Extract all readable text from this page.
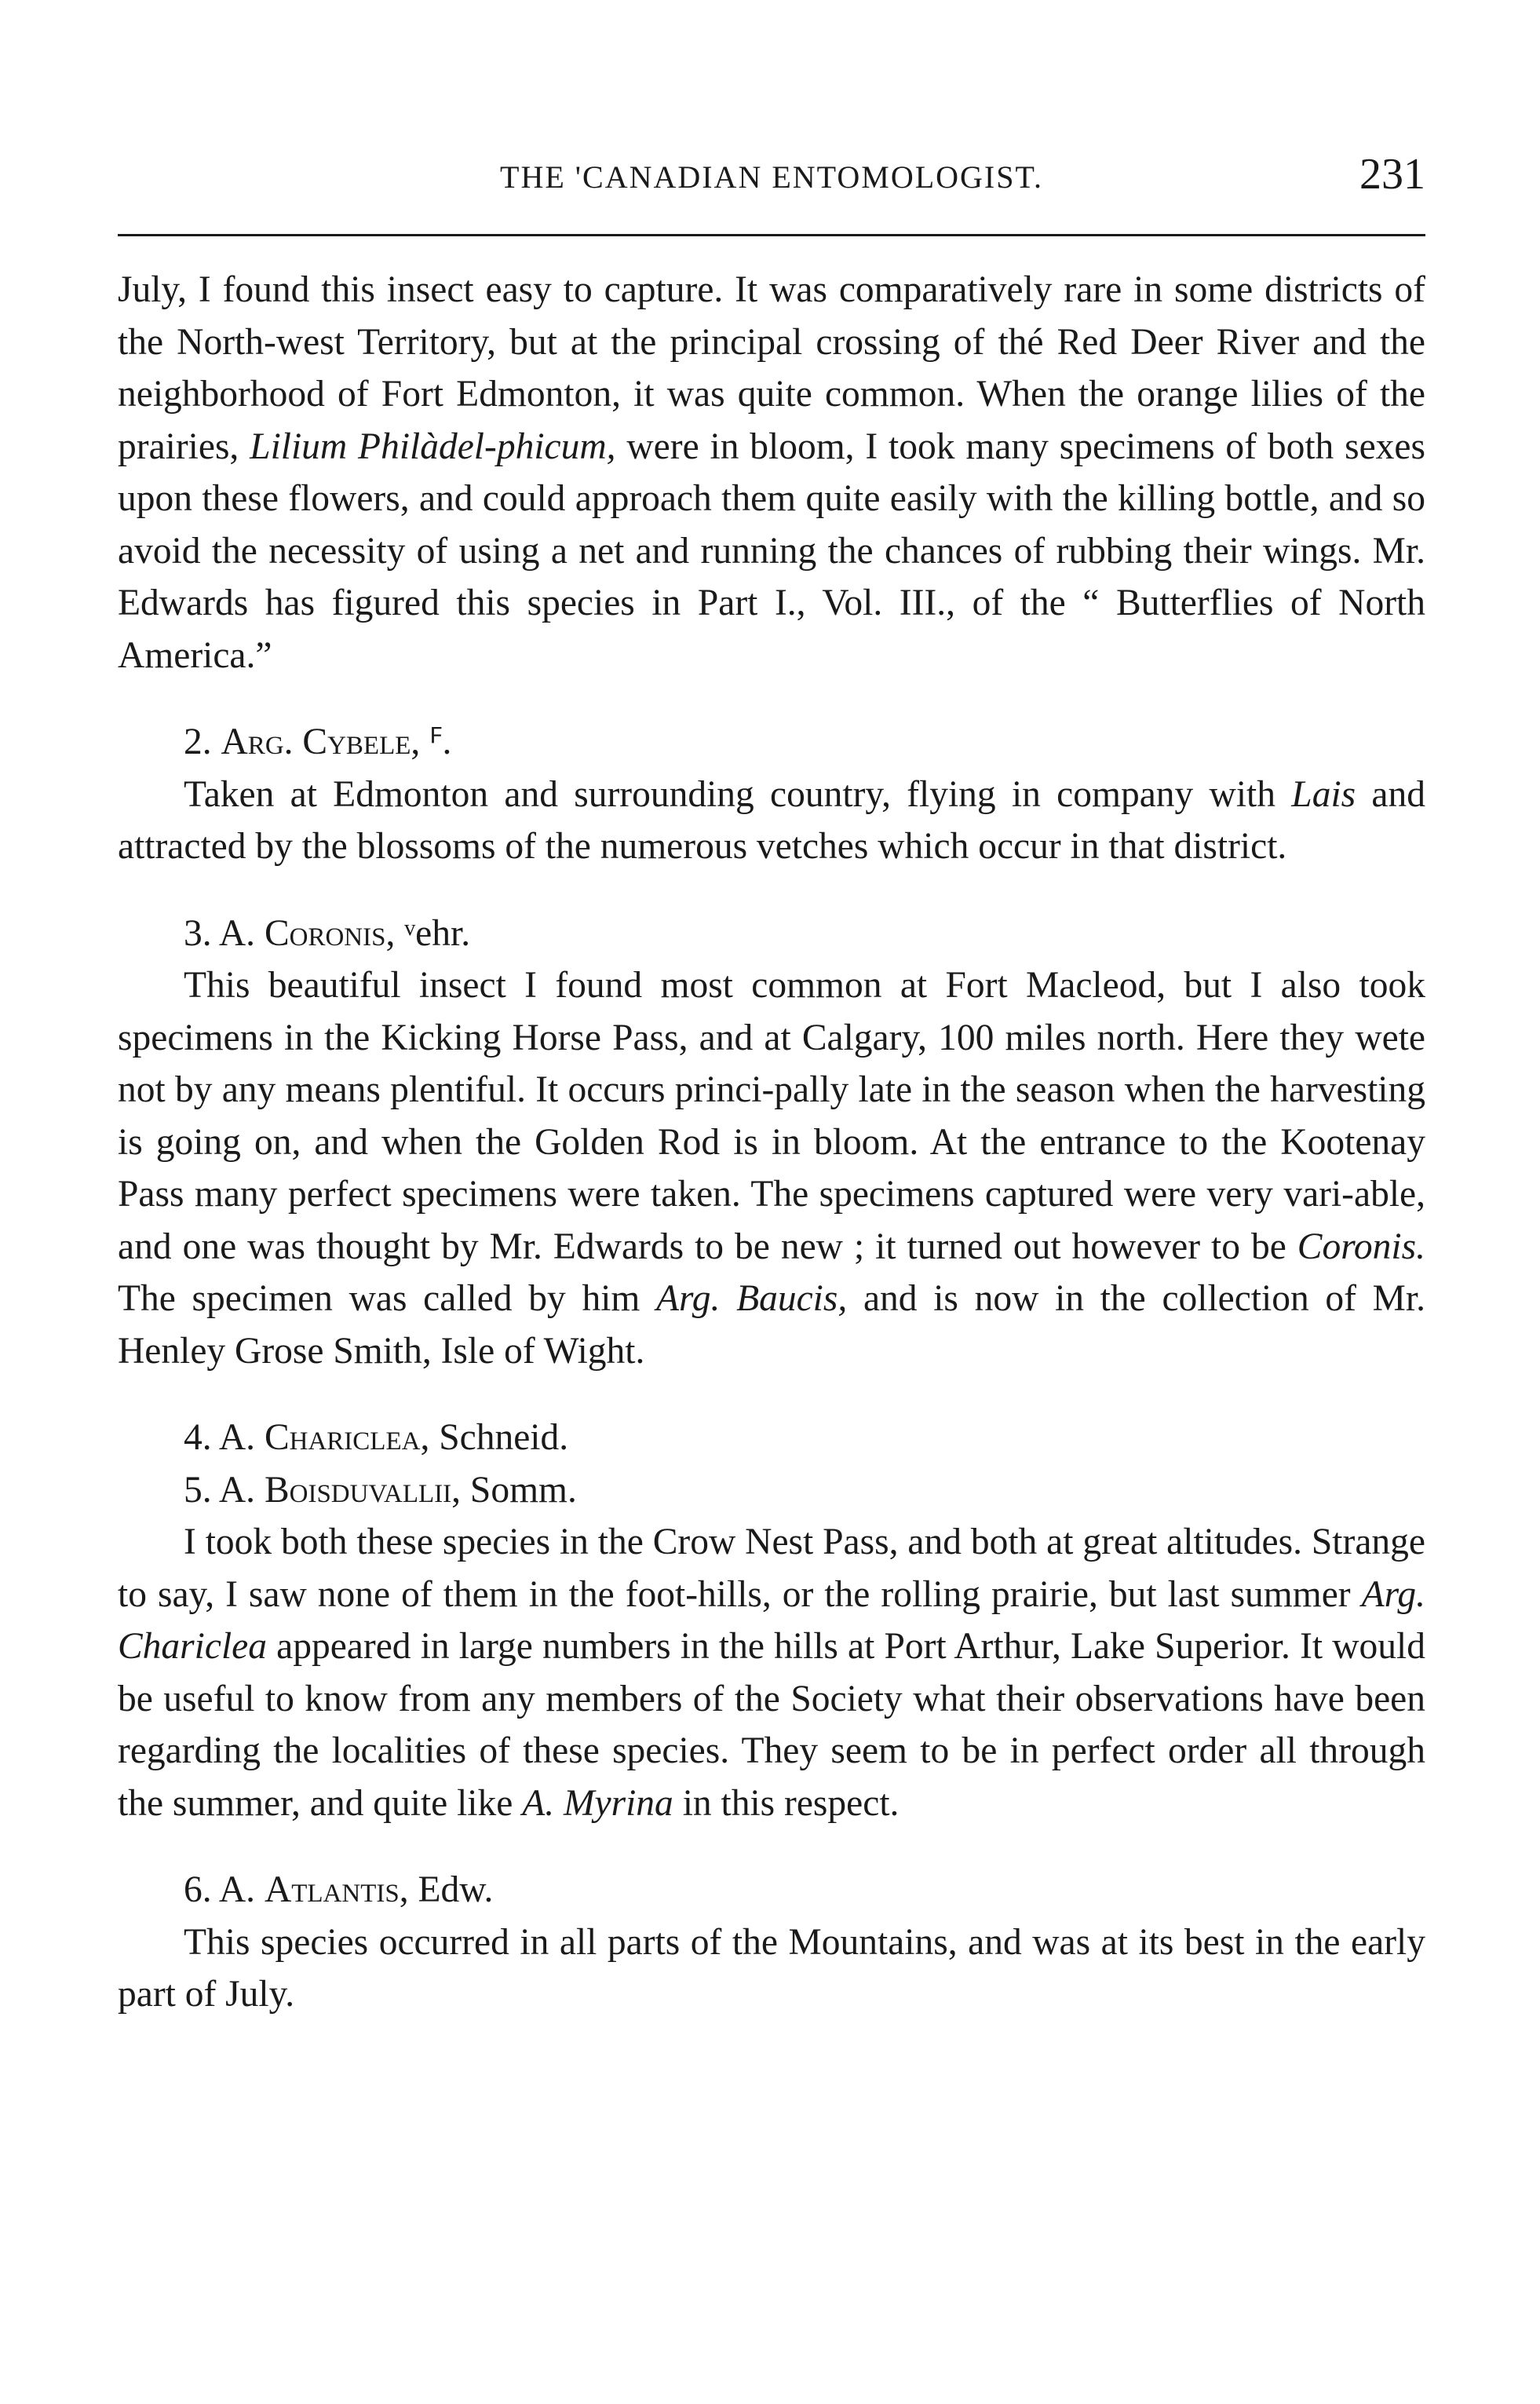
THE 'CANADIAN ENTOMOLOGIST.	231

July, I found this insect easy to capture. It was comparatively rare in some districts of the North-west Territory, but at the principal crossing of thé Red Deer River and the neighborhood of Fort Edmonton, it was quite common. When the orange lilies of the prairies, Lilium Philàdel-phicum, were in bloom, I took many specimens of both sexes upon these flowers, and could approach them quite easily with the killing bottle, and so avoid the necessity of using a net and running the chances of rubbing their wings. Mr. Edwards has figured this species in Part I., Vol. III., of the “ Butterflies of North America.”

2. Arg. Cybele, ꟳ.

Taken at Edmonton and surrounding country, flying in company with Lais and attracted by the blossoms of the numerous vetches which occur in that district.

3. A. Coronis, ᵛehr.

This beautiful insect I found most common at Fort Macleod, but I also took specimens in the Kicking Horse Pass, and at Calgary, 100 miles north. Here they wete not by any means plentiful. It occurs princi-pally late in the season when the harvesting is going on, and when the Golden Rod is in bloom. At the entrance to the Kootenay Pass many perfect specimens were taken. The specimens captured were very vari-able, and one was thought by Mr. Edwards to be new ; it turned out however to be Coronis. The specimen was called by him Arg. Baucis, and is now in the collection of Mr. Henley Grose Smith, Isle of Wight.

4. A. Chariclea, Schneid.

5. A. Boisduvallii, Somm.

I took both these species in the Crow Nest Pass, and both at great altitudes. Strange to say, I saw none of them in the foot-hills, or the rolling prairie, but last summer Arg. Chariclea appeared in large numbers in the hills at Port Arthur, Lake Superior. It would be useful to know from any members of the Society what their observations have been regarding the localities of these species. They seem to be in perfect order all through the summer, and quite like A. Myrina in this respect.

6. A. Atlantis, Edw.

This species occurred in all parts of the Mountains, and was at its best in the early part of July.
